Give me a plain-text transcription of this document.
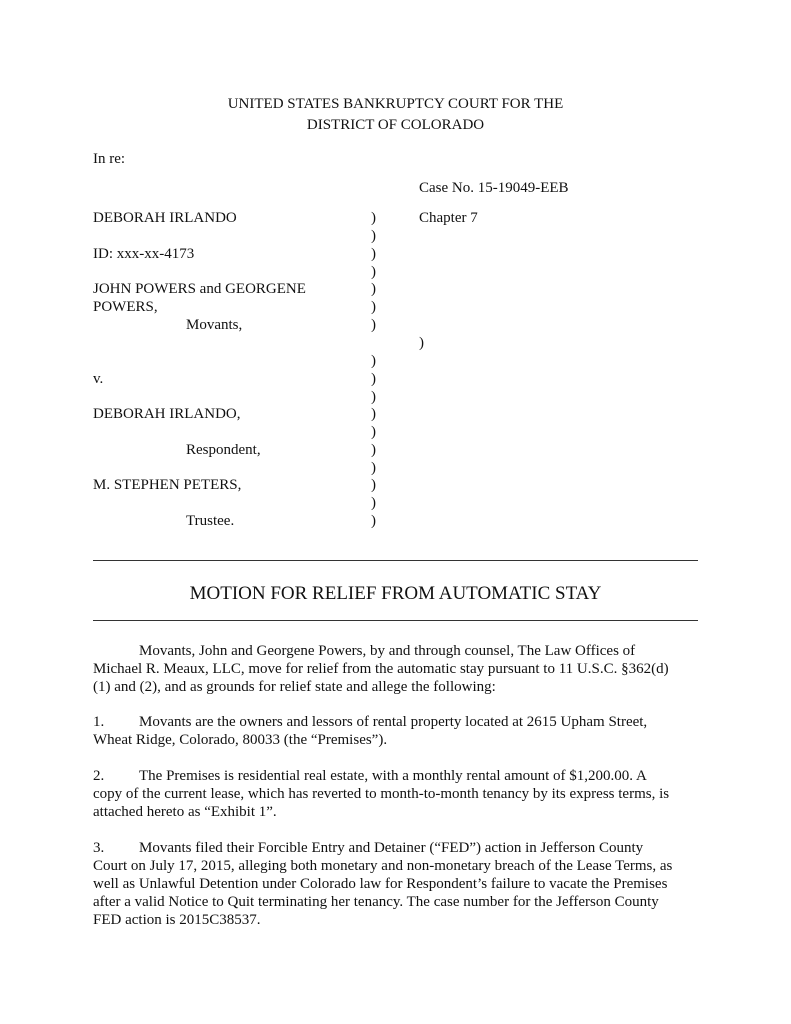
UNITED STATES BANKRUPTCY COURT FOR THE
DISTRICT OF COLORADO
In re:
Case No. 15-19049-EEB
Chapter 7
)
DEBORAH IRLANDO
ID: xxx-xx-4173
JOHN POWERS and GEORGENE
POWERS,
Movants,
v.
DEBORAH IRLANDO,
Respondent,
M. STEPHEN PETERS,
Trustee.
)
)
)
)
)
)
)
)
)
)
)
)
)
)
)
)
)
MOTION FOR RELIEF FROM AUTOMATIC STAY
Movants, John and Georgene Powers, by and through counsel, The Law Offices of
Michael R. Meaux, LLC, move for relief from the automatic stay pursuant to 11 U.S.C. §362(d)
(1) and (2), and as grounds for relief state and allege the following:
1. Movants are the owners and lessors of rental property located at 2615 Upham Street,
Wheat Ridge, Colorado, 80033 (the “Premises”).
2. The Premises is residential real estate, with a monthly rental amount of $1,200.00. A
copy of the current lease, which has reverted to month-to-month tenancy by its express terms, is
attached hereto as “Exhibit 1”.
3. Movants filed their Forcible Entry and Detainer (“FED”) action in Jefferson County
Court on July 17, 2015, alleging both monetary and non-monetary breach of the Lease Terms, as
well as Unlawful Detention under Colorado law for Respondent’s failure to vacate the Premises
after a valid Notice to Quit terminating her tenancy. The case number for the Jefferson County
FED action is 2015C38537.
